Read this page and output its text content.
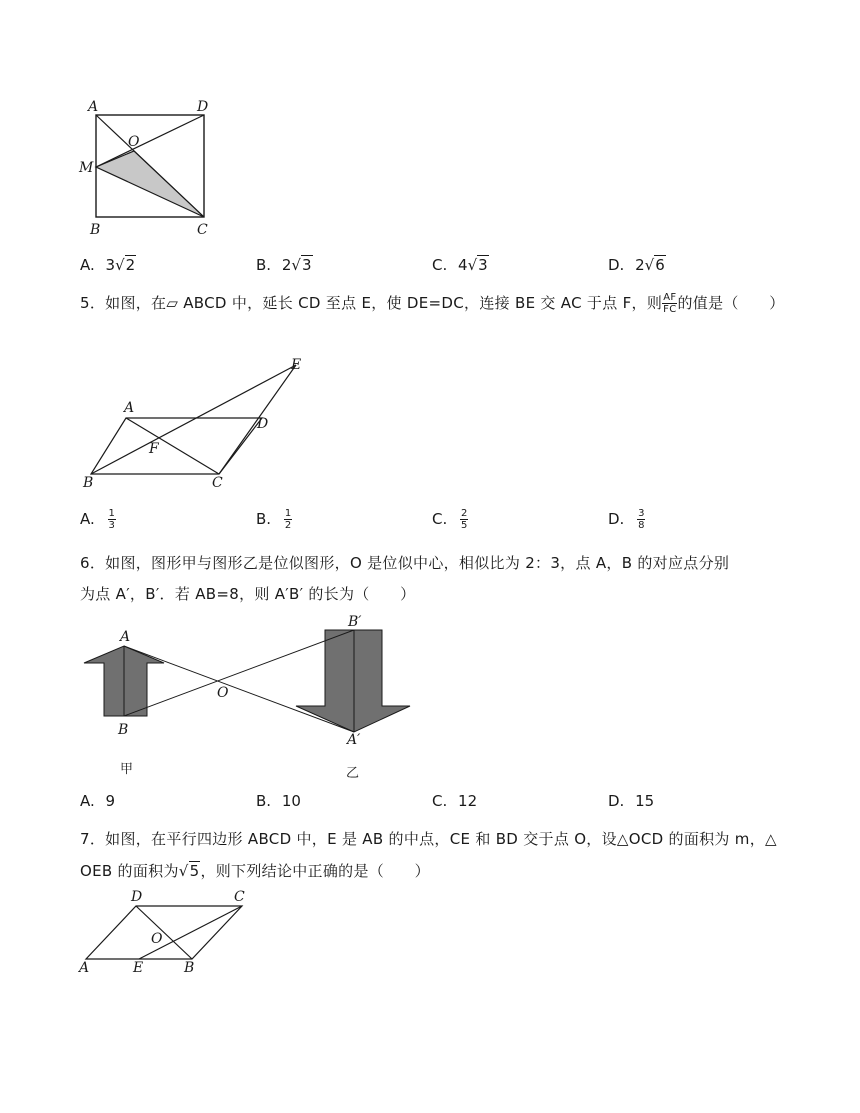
A	D
O
M
B	C
A. 3√2	B. 2√3	C. 4√3	D. 2√6
5．如图，在▱ ABCD 中，延长 CD 至点 E，使 DE=DC，连接 BE 交 AC 于点 F，则 $\frac{AF}{FC}$ 的值是（　　）
E
A
D
F
B	C
A. $\frac{1}{3}$	B. $\frac{1}{2}$	C. $\frac{2}{5}$	D. $\frac{3}{8}$
6．如图，图形甲与图形乙是位似图形，O 是位似中心，相似比为 2：3，点 A，B 的对应点分别
为点 A′，B′．若 AB=8，则 A′B′ 的长为（　　）
A
B
O
B′
A′
甲	乙
A. 9	B. 10	C. 12	D. 15
7．如图，在平行四边形 ABCD 中，E 是 AB 的中点，CE 和 BD 交于点 O，设△OCD 的面积为 m，△
OEB 的面积为√5，则下列结论中正确的是（　　）
D	C
O
A	E	B
